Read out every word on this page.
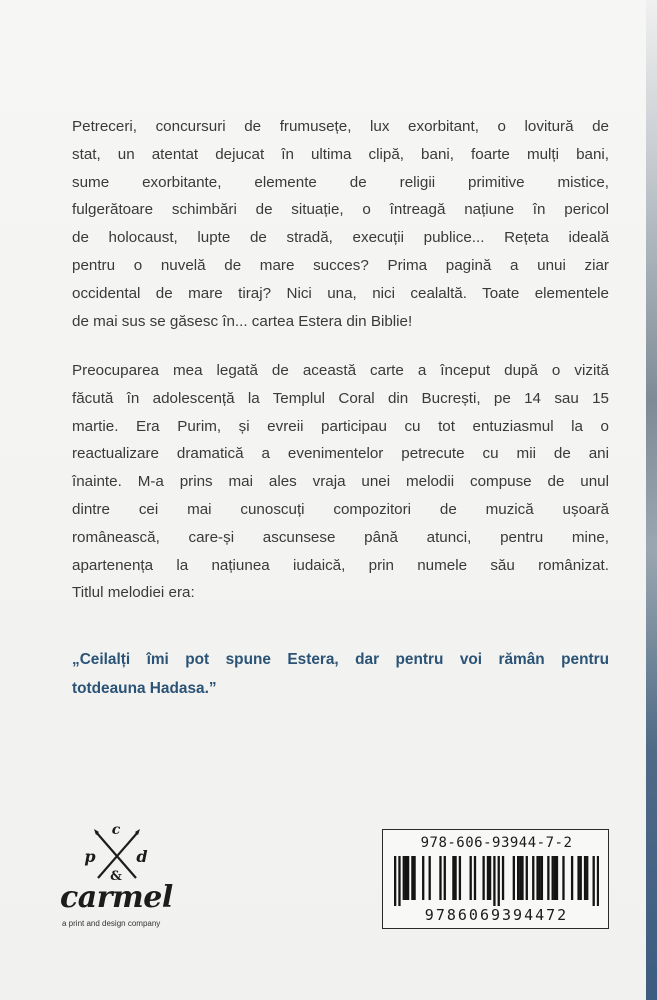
Petreceri, concursuri de frumusețe, lux exorbitant, o lovitură de
stat, un atentat dejucat în ultima clipă, bani, foarte mulți bani,
sume exorbitante, elemente de religii primitive mistice,
fulgerătoare schimbări de situație, o întreagă națiune în pericol
de holocaust, lupte de stradă, execuții publice... Rețeta ideală
pentru o nuvelă de mare succes? Prima pagină a unui ziar
occidental de mare tiraj? Nici una, nici cealaltă. Toate elementele
de mai sus se găsesc în... cartea Estera din Biblie!
Preocuparea mea legată de această carte a început după o vizită
făcută în adolescență la Templul Coral din Bucrești, pe 14 sau 15
martie. Era Purim, și evreii participau cu tot entuziasmul la o
reactualizare dramatică a evenimentelor petrecute cu mii de ani
înainte. M-a prins mai ales vraja unei melodii compuse de unul
dintre cei mai cunoscuți compozitori de muzică ușoară
românească, care-și ascunsese până atunci, pentru mine,
apartenența la națiunea iudaică, prin numele său românizat.
Titlul melodiei era:
„Ceilalți îmi pot spune Estera, dar pentru voi rămân pentru
totdeauna Hadasa.”
c
p	d
&
carmel
a print and design company
978-606-93944-7-2
9786069394472
